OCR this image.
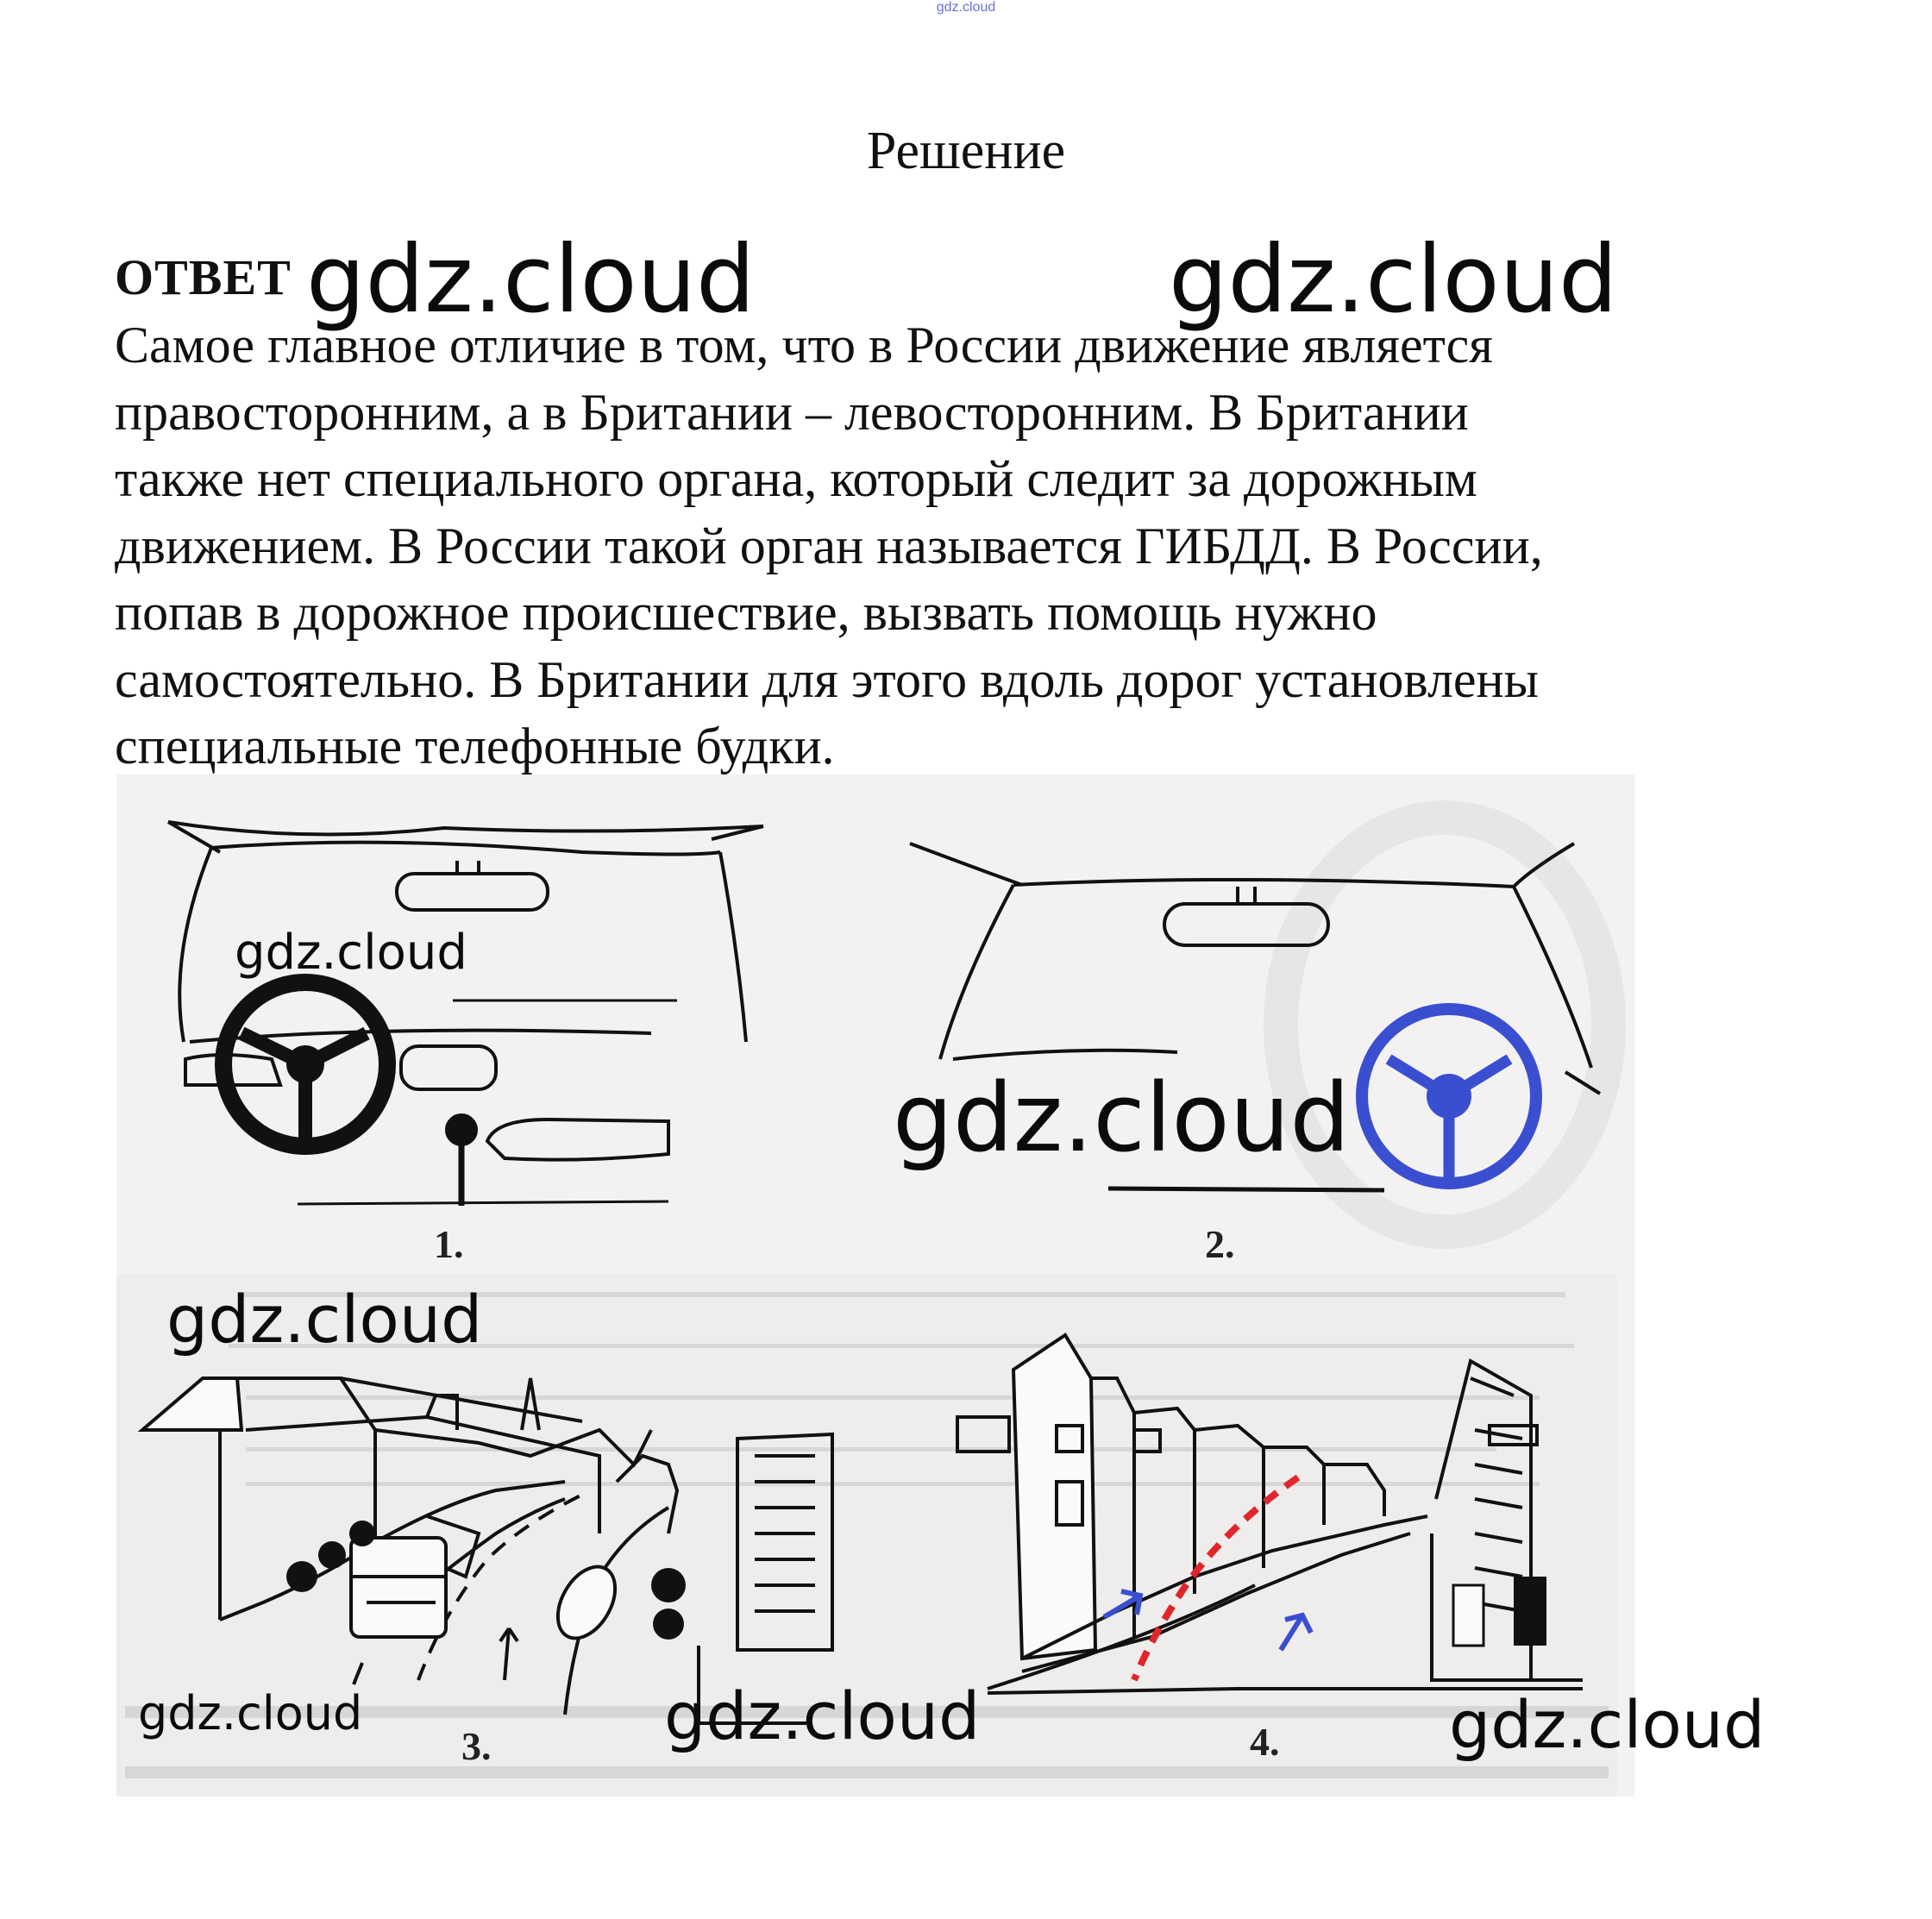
gdz.cloud
Решение
ОТВЕТ
Самое главное отличие в том, что в России движение является
правосторонним, а в Британии – левосторонним. В Британии
также нет специального органа, который следит за дорожным
движением. В России такой орган называется ГИБДД. В России,
попав в дорожное происшествие, вызвать помощь нужно
самостоятельно. В Британии для этого вдоль дорог установлены
специальные телефонные будки.
1.	2.
3.	4.
gdz.cloud	gdz.cloud
gdz.cloud
gdz.cloud
gdz.cloud
gdz.cloud	gdz.cloud	gdz.cloud
